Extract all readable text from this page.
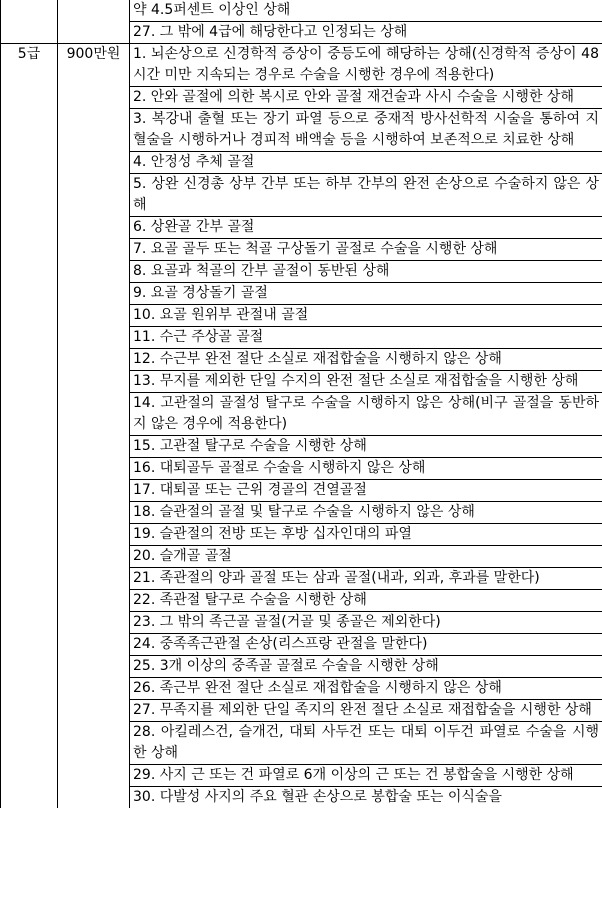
		약 4.5퍼센트 이상인 상해
		27. 그 밖에 4급에 해당한다고 인정되는 상해
5급	900만원	1. 뇌손상으로 신경학적 증상이 중등도에 해당하는 상해(신경학적 증상이 48시간 미만 지속되는 경우로 수술을 시행한 경우에 적용한다)
		2. 안와 골절에 의한 복시로 안와 골절 재건술과 사시 수술을 시행한 상해
		3. 복강내 출혈 또는 장기 파열 등으로 중재적 방사선학적 시술을 통하여 지혈술을 시행하거나 경피적 배액술 등을 시행하여 보존적으로 치료한 상해
		4. 안정성 추체 골절
		5. 상완 신경총 상부 간부 또는 하부 간부의 완전 손상으로 수술하지 않은 상해
		6. 상완골 간부 골절
		7. 요골 골두 또는 척골 구상돌기 골절로 수술을 시행한 상해
		8. 요골과 척골의 간부 골절이 동반된 상해
		9. 요골 경상돌기 골절
		10. 요골 원위부 관절내 골절
		11. 수근 주상골 골절
		12. 수근부 완전 절단 소실로 재접합술을 시행하지 않은 상해
		13. 무지를 제외한 단일 수지의 완전 절단 소실로 재접합술을 시행한 상해
		14. 고관절의 골절성 탈구로 수술을 시행하지 않은 상해(비구 골절을 동반하지 않은 경우에 적용한다)
		15. 고관절 탈구로 수술을 시행한 상해
		16. 대퇴골두 골절로 수술을 시행하지 않은 상해
		17. 대퇴골 또는 근위 경골의 견열골절
		18. 슬관절의 골절 및 탈구로 수술을 시행하지 않은 상해
		19. 슬관절의 전방 또는 후방 십자인대의 파열
		20. 슬개골 골절
		21. 족관절의 양과 골절 또는 삼과 골절(내과, 외과, 후과를 말한다)
		22. 족관절 탈구로 수술을 시행한 상해
		23. 그 밖의 족근골 골절(거골 및 종골은 제외한다)
		24. 중족족근관절 손상(리스프랑 관절을 말한다)
		25. 3개 이상의 중족골 골절로 수술을 시행한 상해
		26. 족근부 완전 절단 소실로 재접합술을 시행하지 않은 상해
		27. 무족지를 제외한 단일 족지의 완전 절단 소실로 재접합술을 시행한 상해
		28. 아킬레스건, 슬개건, 대퇴 사두건 또는 대퇴 이두건 파열로 수술을 시행한 상해
		29. 사지 근 또는 건 파열로 6개 이상의 근 또는 건 봉합술을 시행한 상해
		30. 다발성 사지의 주요 혈관 손상으로 봉합술 또는 이식술을
